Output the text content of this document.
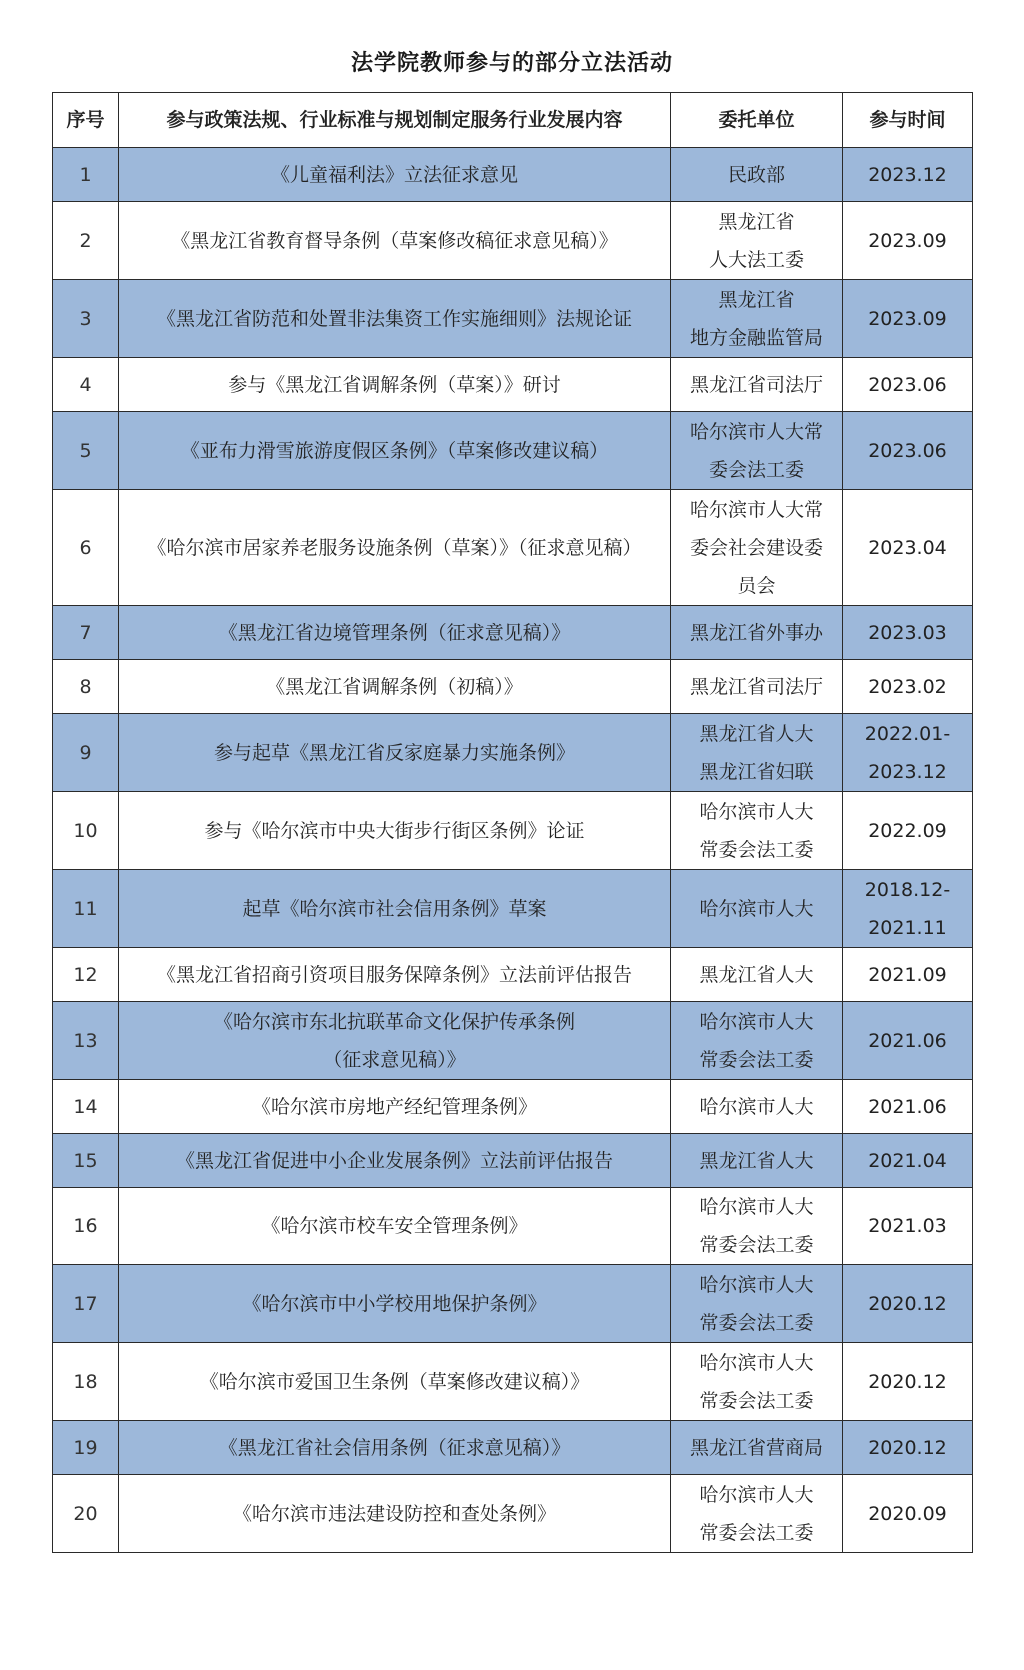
法学院教师参与的部分立法活动
序号	参与政策法规、行业标准与规划制定服务行业发展内容	委托单位	参与时间
1	《儿童福利法》立法征求意见	民政部	2023.12

2	《黑龙江省教育督导条例（草案修改稿征求意见稿）》	黑龙江省
人大法工委	2023.09

3	《黑龙江省防范和处置非法集资工作实施细则》法规论证	黑龙江省
地方金融监管局	2023.09

4	参与《黑龙江省调解条例（草案）》研讨	黑龙江省司法厅	2023.06

5	《亚布力滑雪旅游度假区条例》（草案修改建议稿）	哈尔滨市人大常
委会法工委	2023.06

6	《哈尔滨市居家养老服务设施条例（草案）》（征求意见稿）	哈尔滨市人大常
委会社会建设委
员会	2023.04

7	《黑龙江省边境管理条例（征求意见稿）》	黑龙江省外事办	2023.03

8	《黑龙江省调解条例（初稿）》	黑龙江省司法厅	2023.02

9	参与起草《黑龙江省反家庭暴力实施条例》	黑龙江省人大
黑龙江省妇联	2022.01-
2023.12

10	参与《哈尔滨市中央大街步行街区条例》论证	哈尔滨市人大
常委会法工委	2022.09

11	起草《哈尔滨市社会信用条例》草案	哈尔滨市人大	2018.12-
2021.11

12	《黑龙江省招商引资项目服务保障条例》立法前评估报告	黑龙江省人大	2021.09

13	《哈尔滨市东北抗联革命文化保护传承条例
（征求意见稿）》	哈尔滨市人大
常委会法工委	2021.06

14	《哈尔滨市房地产经纪管理条例》	哈尔滨市人大	2021.06

15	《黑龙江省促进中小企业发展条例》立法前评估报告	黑龙江省人大	2021.04

16	《哈尔滨市校车安全管理条例》	哈尔滨市人大
常委会法工委	2021.03

17	《哈尔滨市中小学校用地保护条例》	哈尔滨市人大
常委会法工委	2020.12

18	《哈尔滨市爱国卫生条例（草案修改建议稿）》	哈尔滨市人大
常委会法工委	2020.12

19	《黑龙江省社会信用条例（征求意见稿）》	黑龙江省营商局	2020.12

20	《哈尔滨市违法建设防控和查处条例》	哈尔滨市人大
常委会法工委	2020.09
